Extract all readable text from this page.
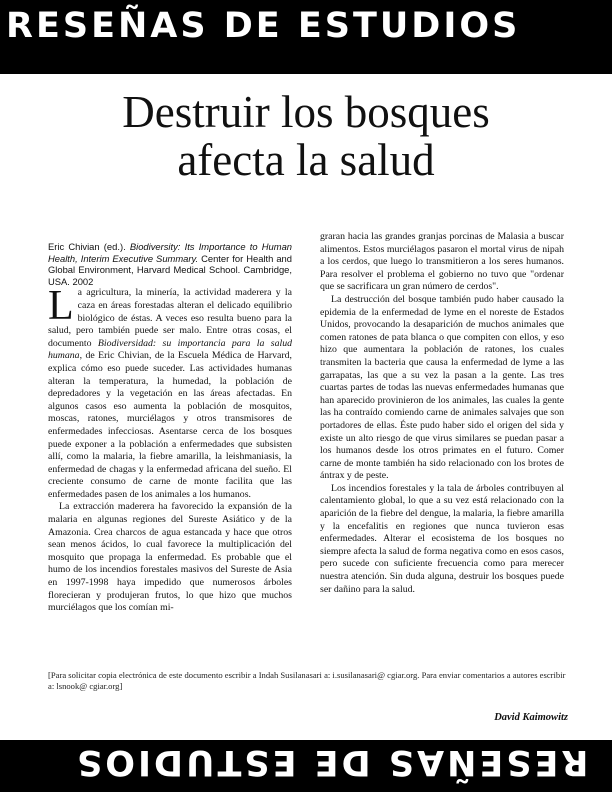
RESEÑAS DE ESTUDIOS
Destruir los bosques
afecta la salud

Eric Chivian (ed.). Biodiversity: Its Importance to Human Health, Interim Executive Summary. Center for Health and Global Environment, Harvard Medical School. Cambridge, USA. 2002

La agricultura, la minería, la actividad maderera y la caza en áreas forestadas alteran el delicado equilibrio biológico de éstas. A veces eso resulta bueno para la salud, pero también puede ser malo. Entre otras cosas, el documento Biodiversidad: su importancia para la salud humana, de Eric Chivian, de la Escuela Médica de Harvard, explica cómo eso puede suceder. Las actividades humanas alteran la temperatura, la humedad, la población de depredadores y la vegetación en las áreas afectadas. En algunos casos eso aumenta la población de mosquitos, moscas, ratones, murciélagos y otros transmisores de enfermedades infecciosas. Asentarse cerca de los bosques puede exponer a la población a enfermedades que subsisten allí, como la malaria, la fiebre amarilla, la leishmaniasis, la enfermedad de chagas y la enfermedad africana del sueño. El creciente consumo de carne de monte facilita que las enfermedades pasen de los animales a los humanos.

La extracción maderera ha favorecido la expansión de la malaria en algunas regiones del Sureste Asiático y de la Amazonia. Crea charcos de agua estancada y hace que otros sean menos ácidos, lo cual favorece la multiplicación del mosquito que propaga la enfermedad. Es probable que el humo de los incendios forestales masivos del Sureste de Asia en 1997-1998 haya impedido que numerosos árboles florecieran y produjeran frutos, lo que hizo que muchos murciélagos que los comían mi-

graran hacia las grandes granjas porcinas de Malasia a buscar alimentos. Estos murciélagos pasaron el mortal virus de nipah a los cerdos, que luego lo transmitieron a los seres humanos. Para resolver el problema el gobierno no tuvo que "ordenar que se sacrificara un gran número de cerdos".

La destrucción del bosque también pudo haber causado la epidemia de la enfermedad de lyme en el noreste de Estados Unidos, provocando la desaparición de muchos animales que comen ratones de pata blanca o que compiten con ellos, y eso hizo que aumentara la población de ratones, los cuales transmiten la bacteria que causa la enfermedad de lyme a las garrapatas, las que a su vez la pasan a la gente. Las tres cuartas partes de todas las nuevas enfermedades humanas que han aparecido provinieron de los animales, las cuales la gente las ha contraído comiendo carne de animales salvajes que son portadores de ellas. Éste pudo haber sido el origen del sida y existe un alto riesgo de que virus similares se puedan pasar a los humanos desde los otros primates en el futuro. Comer carne de monte también ha sido relacionado con los brotes de ántrax y de peste.

Los incendios forestales y la tala de árboles contribuyen al calentamiento global, lo que a su vez está relacionado con la aparición de la fiebre del dengue, la malaria, la fiebre amarilla y la encefalitis en regiones que nunca tuvieron esas enfermedades. Alterar el ecosistema de los bosques no siempre afecta la salud de forma negativa como en esos casos, pero sucede con suficiente frecuencia como para merecer nuestra atención. Sin duda alguna, destruir los bosques puede ser dañino para la salud.

[Para solicitar copia electrónica de este documento escribir a Indah Susilanasari a: i.susilanasari@ cgiar.org. Para enviar comentarios a autores escribir a: lsnook@ cgiar.org]
David Kaimowitz
RESEÑAS DE ESTUDIOS
